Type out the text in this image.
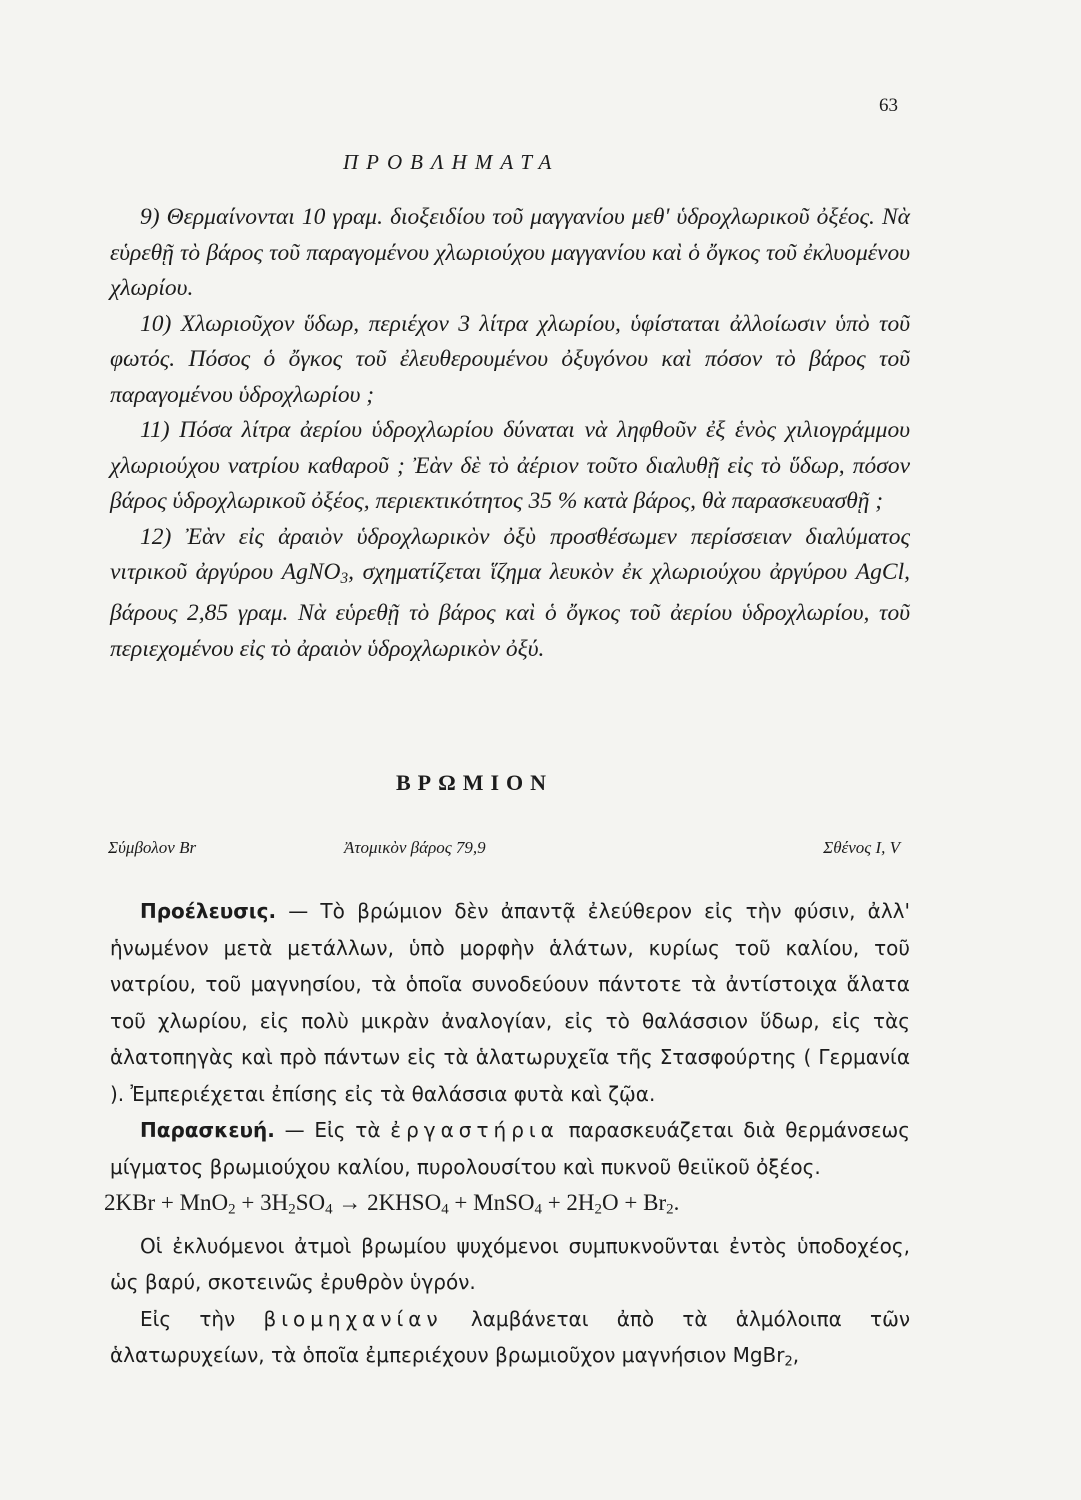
63
ΠΡΟΒΛΗΜΑΤΑ

9) Θερμαίνονται 10 γραμ. διοξειδίου τοῦ μαγγανίου μεθ' ὑδροχλωρικοῦ ὀξέος. Νὰ εὑρεθῇ τὸ βάρος τοῦ παραγομένου χλωριούχου μαγγανίου καὶ ὁ ὄγκος τοῦ ἐκλυομένου χλωρίου.

10) Χλωριοῦχον ὕδωρ, περιέχον 3 λίτρα χλωρίου, ὑφίσταται ἀλλοίωσιν ὑπὸ τοῦ φωτός. Πόσος ὁ ὄγκος τοῦ ἐλευθερουμένου ὀξυγόνου καὶ πόσον τὸ βάρος τοῦ παραγομένου ὑδροχλωρίου ;

11) Πόσα λίτρα ἀερίου ὑδροχλωρίου δύναται νὰ ληφθοῦν ἐξ ἑνὸς χιλιογράμμου χλωριούχου νατρίου καθαροῦ ; Ἐὰν δὲ τὸ ἀέριον τοῦτο διαλυθῇ εἰς τὸ ὕδωρ, πόσον βάρος ὑδροχλωρικοῦ ὀξέος, περιεκτικότητος 35 % κατὰ βάρος, θὰ παρασκευασθῇ ;

12) Ἐὰν εἰς ἀραιὸν ὑδροχλωρικὸν ὀξὺ προσθέσωμεν περίσσειαν διαλύματος νιτρικοῦ ἀργύρου AgNO$_3$, σχηματίζεται ἵζημα λευκὸν ἐκ χλωριούχου ἀργύρου AgCl, βάρους 2,85 γραμ. Νὰ εὑρεθῇ τὸ βάρος καὶ ὁ ὄγκος τοῦ ἀερίου ὑδροχλωρίου, τοῦ περιεχομένου εἰς τὸ ἀραιὸν ὑδροχλωρικὸν ὀξύ.

ΒΡΩΜΙΟΝ
Σύμβολον Br	Ἀτομικὸν βάρος 79,9	Σθένος I, V

Προέλευσις. — Τὸ βρώμιον δὲν ἀπαντᾷ ἐλεύθερον εἰς τὴν φύσιν, ἀλλ' ἡνωμένον μετὰ μετάλλων, ὑπὸ μορφὴν ἁλάτων, κυρίως τοῦ καλίου, τοῦ νατρίου, τοῦ μαγνησίου, τὰ ὁποῖα συνοδεύουν πάντοτε τὰ ἀντίστοιχα ἅλατα τοῦ χλωρίου, εἰς πολὺ μικρὰν ἀναλογίαν, εἰς τὸ θαλάσσιον ὕδωρ, εἰς τὰς ἁλατοπηγὰς καὶ πρὸ πάντων εἰς τὰ ἁλατωρυχεῖα τῆς Στασφούρτης ( Γερμανία ). Ἐμπεριέχεται ἐπίσης εἰς τὰ θαλάσσια φυτὰ καὶ ζῷα.

Παρασκευή. — Εἰς τὰ ἐργαστήρια παρασκευάζεται διὰ θερμάνσεως μίγματος βρωμιούχου καλίου, πυρολουσίτου καὶ πυκνοῦ θειϊκοῦ ὀξέος.

$2KBr + MnO_2 + 3H_2SO_4$ → $2KHSO_4$ + MnSO$_4$ + $2H_2O + Br_2$.

Οἱ ἐκλυόμενοι ἀτμοὶ βρωμίου ψυχόμενοι συμπυκνοῦνται ἐντὸς ὑποδοχέος, ὡς βαρύ, σκοτεινῶς ἐρυθρὸν ὑγρόν.

Εἰς τὴν βιομηχανίαν λαμβάνεται ἀπὸ τὰ ἁλμόλοιπα τῶν ἁλατωρυχείων, τὰ ὁποῖα ἐμπεριέχουν βρωμιοῦχον μαγνήσιον MgBr$_2$,
